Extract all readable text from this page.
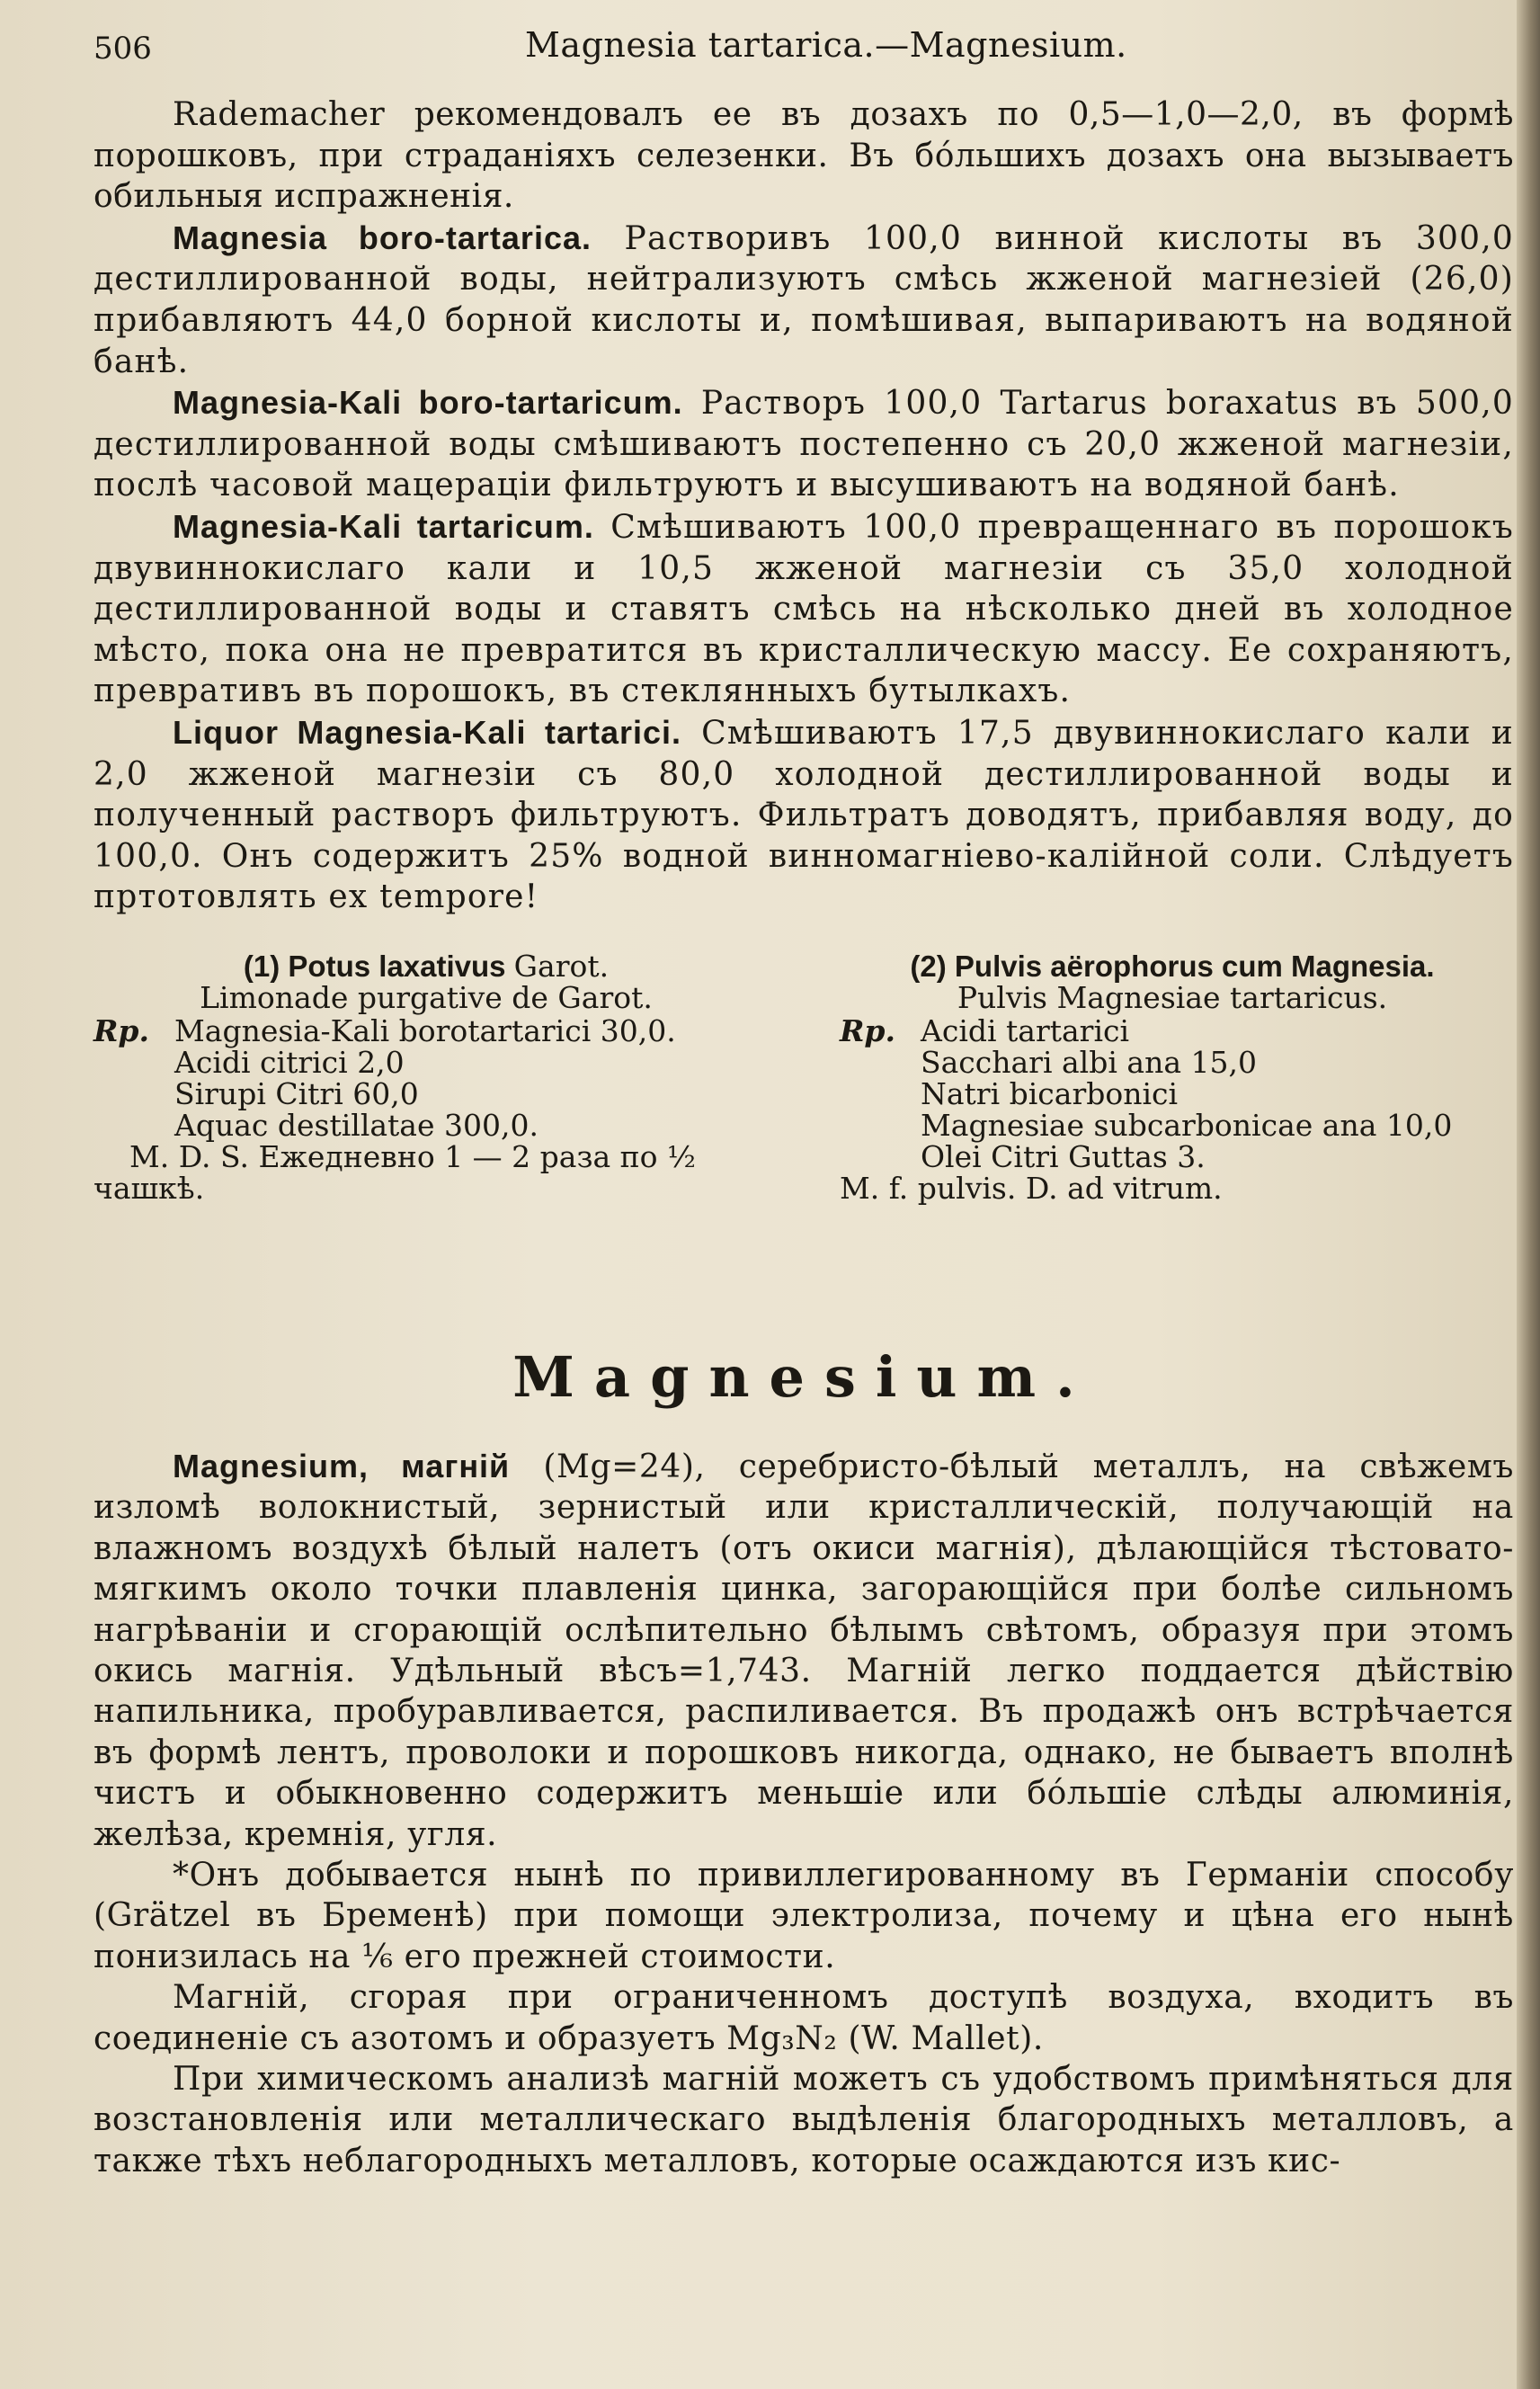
506	Magnesia tartarica.—Magnesium.

Rademacher рекомендовалъ ее въ дозахъ по 0,5—1,0—2,0, въ формѣ порошковъ, при страданіяхъ селезенки. Въ бо́льшихъ дозахъ она вызываетъ обильныя испражненія.

Magnesia boro-tartarica. Растворивъ 100,0 винной кислоты въ 300,0 дестиллированной воды, нейтрализуютъ смѣсь жженой магнезіей (26,0) прибавляютъ 44,0 борной кислоты и, помѣшивая, выпариваютъ на водяной банѣ.

Magnesia-Kali boro-tartaricum. Растворъ 100,0 Tartarus boraxatus въ 500,0 дестиллированной воды смѣшиваютъ постепенно съ 20,0 жженой магнезіи, послѣ часовой мацераціи фильтруютъ и высушиваютъ на водяной банѣ.

Magnesia-Kali tartaricum. Смѣшиваютъ 100,0 превращеннаго въ порошокъ двувиннокислаго кали и 10,5 жженой магнезіи съ 35,0 холодной дестиллированной воды и ставятъ смѣсь на нѣсколько дней въ холодное мѣсто, пока она не превратится въ кристаллическую массу. Ее сохраняютъ, превративъ въ порошокъ, въ стеклянныхъ бутылкахъ.

Liquor Magnesia-Kali tartarici. Смѣшиваютъ 17,5 двувиннокислаго кали и 2,0 жженой магнезіи съ 80,0 холодной дестиллированной воды и полученный растворъ фильтруютъ. Фильтратъ доводятъ, прибавляя воду, до 100,0. Онъ содержитъ 25% водной винномагніево-калійной соли. Слѣдуетъ пртотовлять ex tempore!

(1) Potus laxativus Garot.
Limonade purgative de Garot.
Rp. Magnesia-Kali borotartarici 30,0.
Acidi citrici 2,0
Sirupi Citri 60,0
Aquac destillatae 300,0.
M. D. S. Ежедневно 1 — 2 раза по ½
чашкѣ.
(2) Pulvis aërophorus cum Magnesia.
Pulvis Magnesiae tartaricus.
Rp. Acidi tartarici
Sacchari albi ana 15,0
Natri bicarbonici
Magnesiae subcarbonicae ana 10,0
Olei Citri Guttas 3.
M. f. pulvis. D. ad vitrum.
Magnesium.

Magnesium, магній (Mg=24), серебристо-бѣлый металлъ, на свѣжемъ изломѣ волокнистый, зернистый или кристаллическій, получающій на влажномъ воздухѣ бѣлый налетъ (отъ окиси магнія), дѣлающійся тѣстовато-мягкимъ около точки плавленія цинка, загорающійся при болѣе сильномъ нагрѣваніи и сгорающій ослѣпительно бѣлымъ свѣтомъ, образуя при этомъ окись магнія. Удѣльный вѣсъ=1,743. Магній легко поддается дѣйствію напильника, пробуравливается, распиливается. Въ продажѣ онъ встрѣчается въ формѣ лентъ, проволоки и порошковъ никогда, однако, не бываетъ вполнѣ чистъ и обыкновенно содержитъ меньшіе или бо́льшіе слѣды алюминія, желѣза, кремнія, угля.

*Онъ добывается нынѣ по привиллегированному въ Германіи способу (Grätzel въ Бременѣ) при помощи электролиза, почему и цѣна его нынѣ понизилась на ⅙ его прежней стоимости.

Магній, сгорая при ограниченномъ доступѣ воздуха, входитъ въ соединеніе съ азотомъ и образуетъ Mg₃N₂ (W. Mallet).

При химическомъ анализѣ магній можетъ съ удобствомъ примѣняться для возстановленія или металлическаго выдѣленія благородныхъ металловъ, а также тѣхъ неблагородныхъ металловъ, которые осаждаются изъ кис-
